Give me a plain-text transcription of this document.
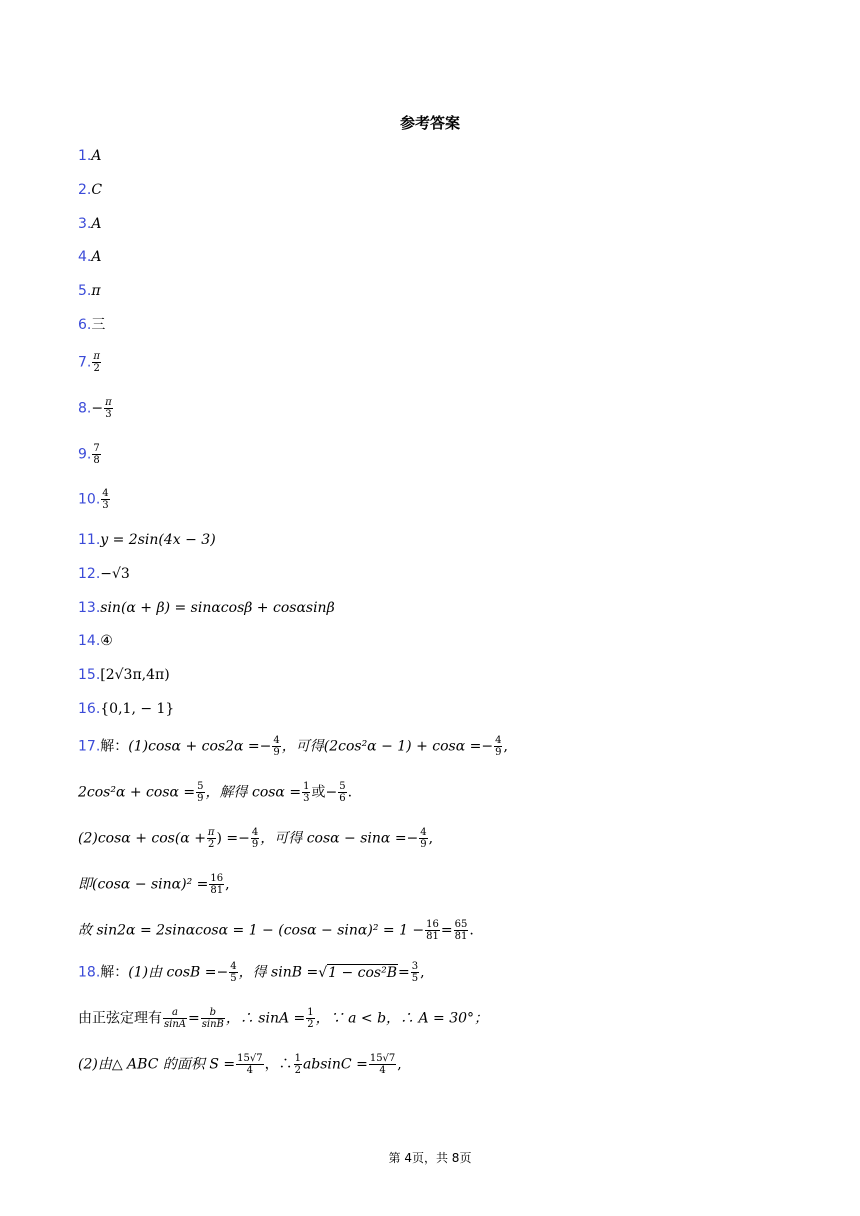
参考答案
1.A
2.C
3.A
4.A
5.π
6.三
7. $\frac{\pi}{2}$
$8.- \frac{\pi}{3}$
9. $\frac{7}{8}$
10. $\frac{4}{3}$
11.y = 2sin(4x − 3)
12.−√3
13.sin(α + β) = sinαcosβ + cosαsinβ
14.④
15.[2√3π,4π)
16.{0,1, − 1}
17.解：$(1)\cos\alpha + \cos 2\alpha =- \frac{4}{9}$ ，可得$(2\cos^2\alpha - 1) + \cos\alpha =- \frac{4}{9}$ ,
$2\cos^2\alpha + \cos\alpha = \frac{5}{9}$ ，解得 $\cos\alpha = \frac{1}{3}$ 或− $\frac{5}{6}$ .
$(2)\cos\alpha + \cos(\alpha + \frac{\pi}{2}$ ) =− $\frac{4}{9}$ ，可得 $\cos\alpha - \sin\alpha =- \frac{4}{9}$ ,
即$(\cos\alpha - \sin\alpha)^2 = \frac{16}{81}$ ,
故 $\sin 2\alpha = 2\sin\alpha\cos\alpha = 1 - (\cos\alpha - \sin\alpha)^2 = 1 - \frac{16}{81} = \frac{65}{81}$ .
18.解：(1)由 $\cos B =- \frac{4}{5}$ ，得 $\sin B =√1 - \cos^2B= \frac{3}{5}$ ,
由正弦定理有 $\frac{a}{\sin A} = \frac{b}{\sin B}$ ，∴ $\sin A = \frac{1}{2}$ ，∵ a < b，∴ A = 30°；
(2)由△ ABC 的面积 $S = \frac{15√7}{4}$ ，∴ $\frac{1}{2}$ $absinC = \frac{15√7}{4}$ ,
第 4页，共 8页
